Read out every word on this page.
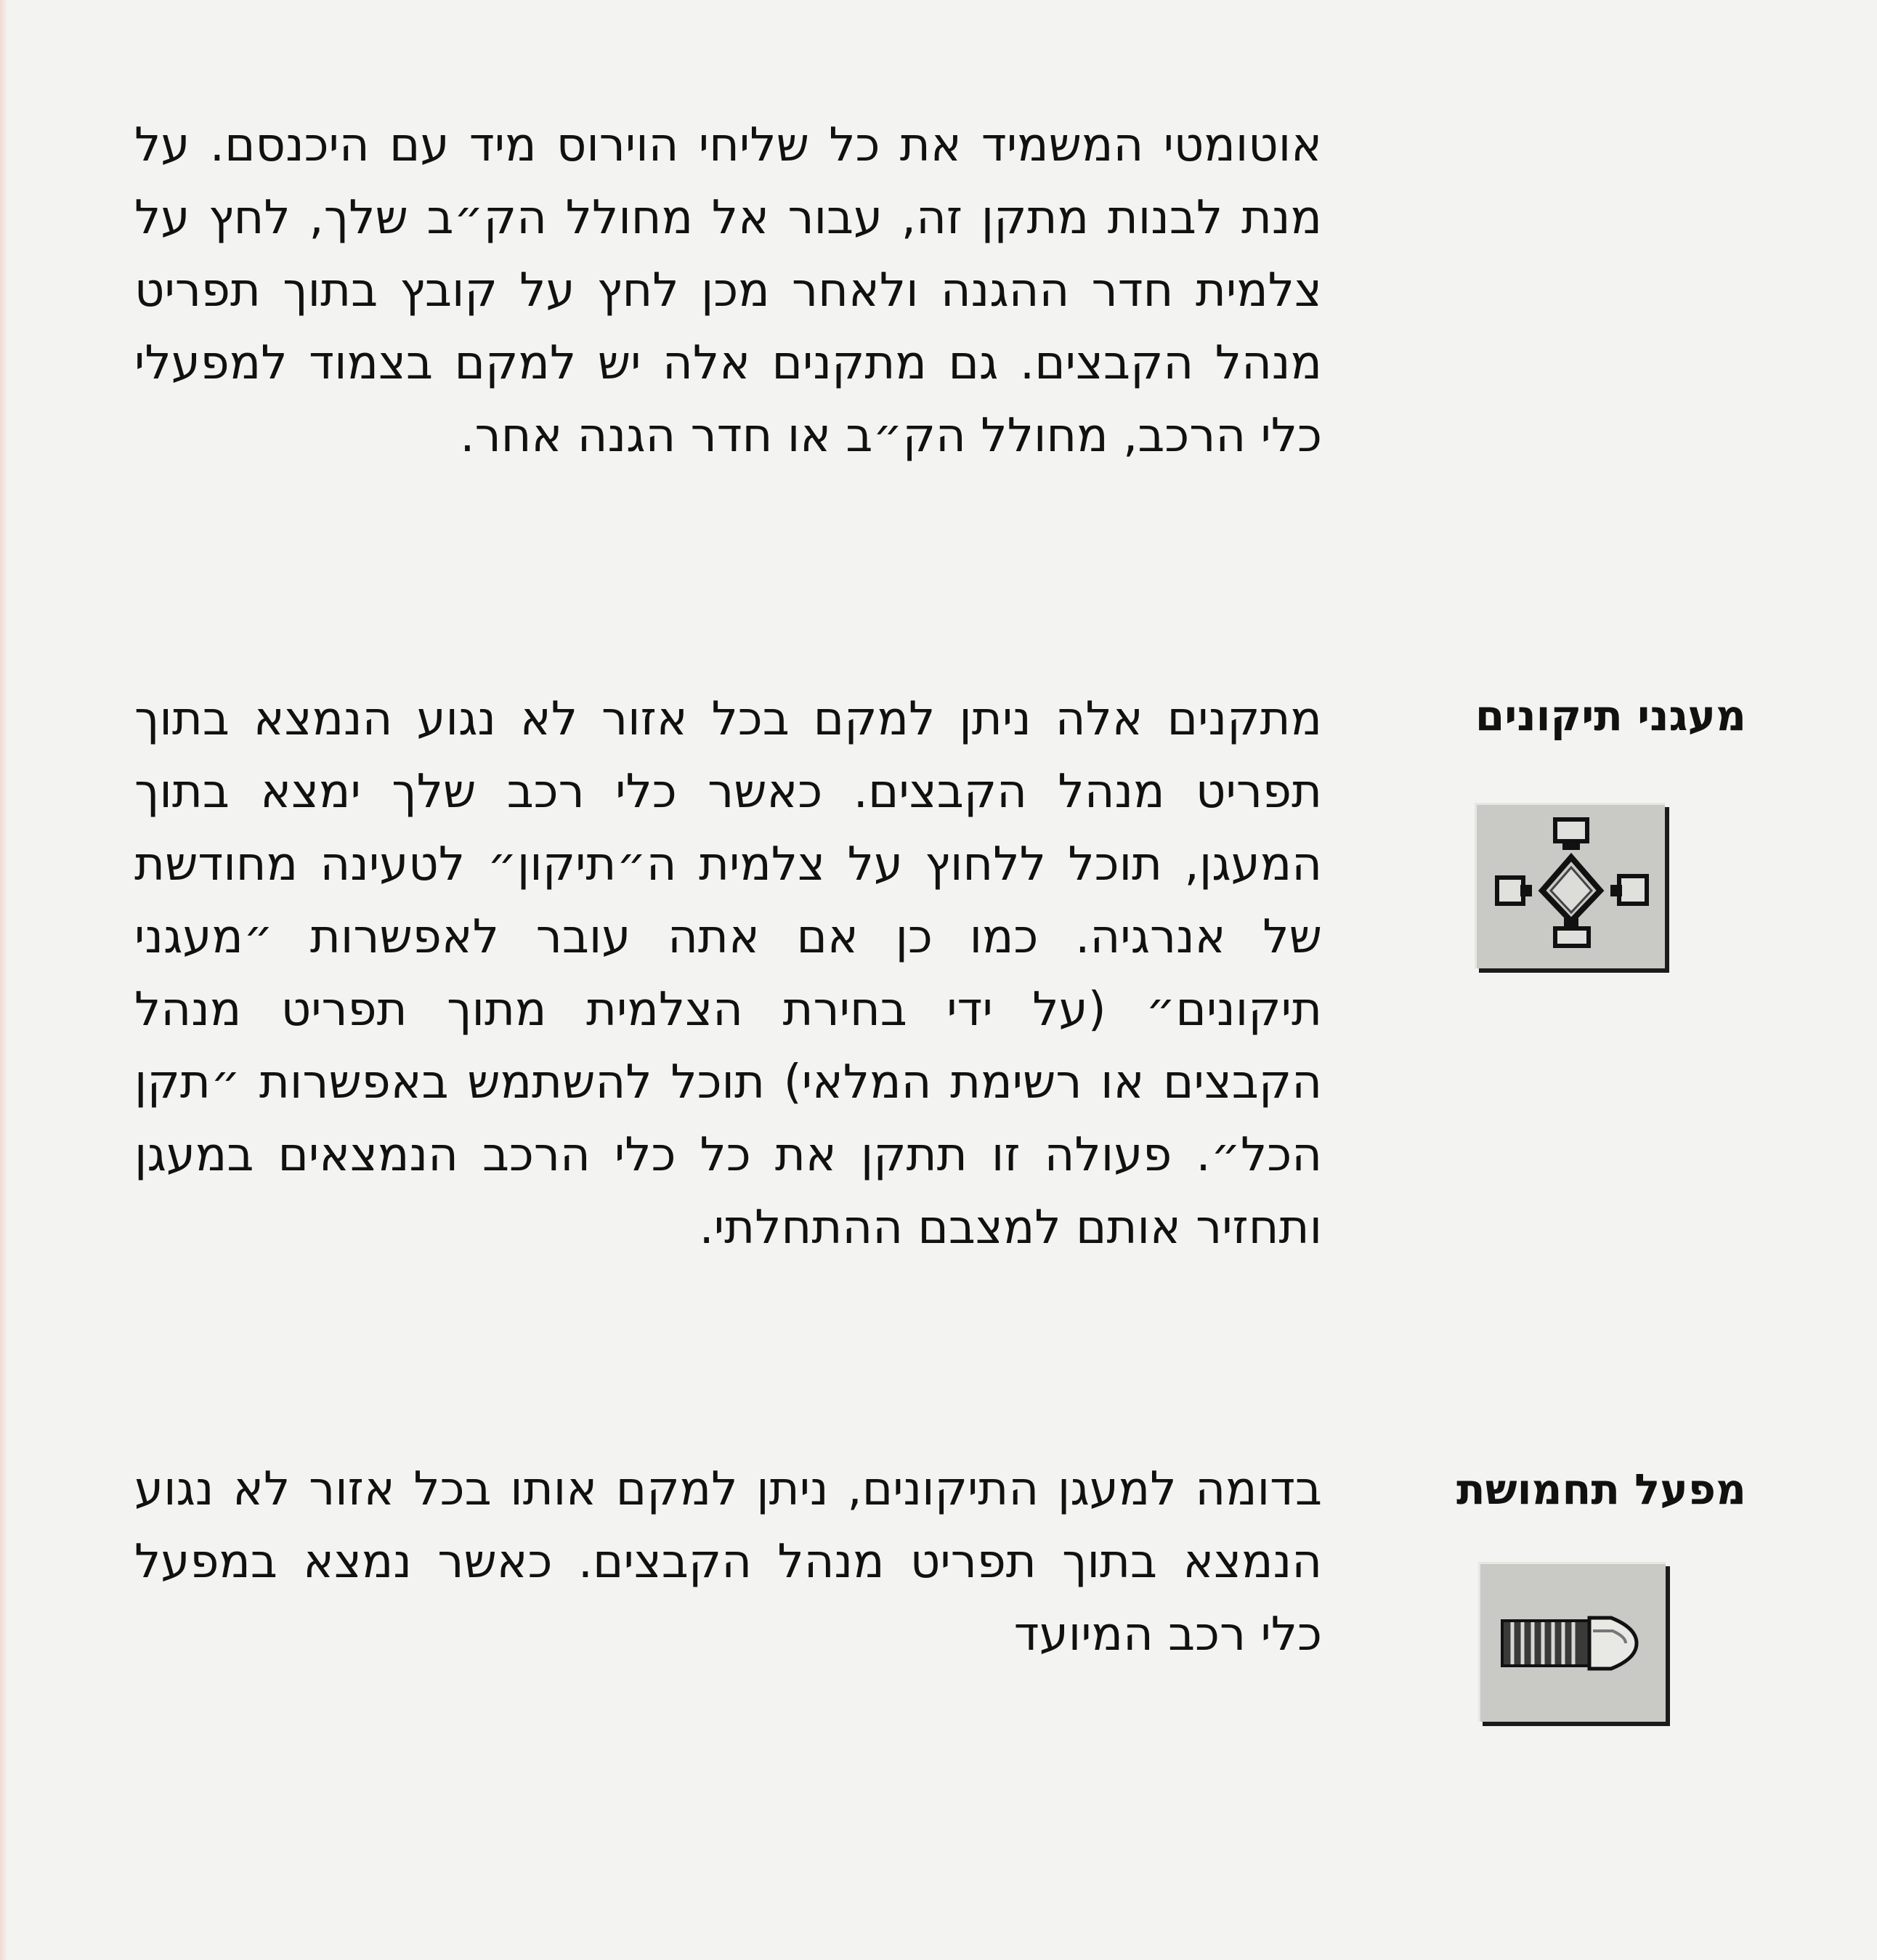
אוטומטי המשמיד את כל שליחי הוירוס מיד עם היכנסם. על מנת לבנות מתקן זה, עבור אל מחולל הק״ב שלך, לחץ על צלמית חדר ההגנה ולאחר מכן לחץ על קובץ בתוך תפריט מנהל הקבצים. גם מתקנים אלה יש למקם בצמוד למפעלי כלי הרכב, מחולל הק״ב או חדר הגנה אחר.

מעגני תיקונים

מתקנים אלה ניתן למקם בכל אזור לא נגוע הנמצא בתוך תפריט מנהל הקבצים. כאשר כלי רכב שלך ימצא בתוך המעגן, תוכל ללחוץ על צלמית ה״תיקון״ לטעינה מחודשת של אנרגיה. כמו כן אם אתה עובר לאפשרות ״מעגני תיקונים״ (על ידי בחירת הצלמית מתוך תפריט מנהל הקבצים או רשימת המלאי) תוכל להשתמש באפשרות ״תקן הכל״. פעולה זו תתקן את כל כלי הרכב הנמצאים במעגן ותחזיר אותם למצבם ההתחלתי.

מפעל תחמושת

בדומה למעגן התיקונים, ניתן למקם אותו בכל אזור לא נגוע הנמצא בתוך תפריט מנהל הקבצים. כאשר נמצא במפעל כלי רכב המיועד
